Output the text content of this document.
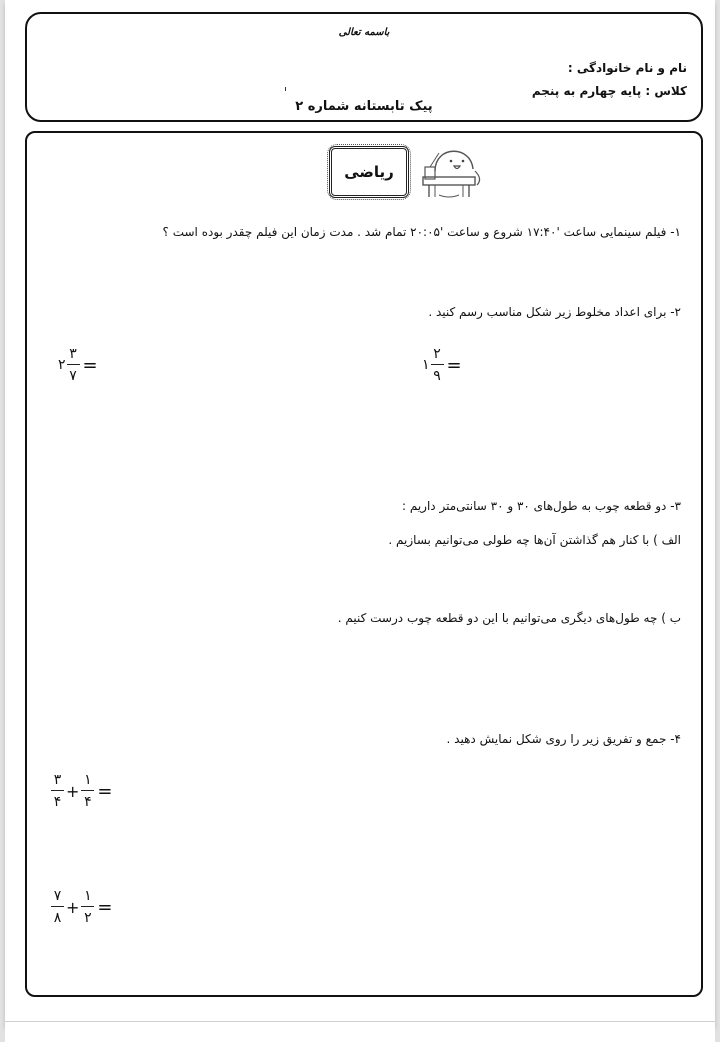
باسمه تعالی
نام و نام خانوادگی :
کلاس : پایه چهارم به پنجم
پیک تابستانه شماره ۲
ریاضی
۱- فیلم سینمایی ساعت '۱۷:۴۰ شروع و ساعت '۲۰:۰۵ تمام شد . مدت زمان این فیلم چقدر بوده است ؟
۲- برای اعداد مخلوط زیر شکل مناسب رسم کنید .
۲ $\frac{۳}{۷}$ =	۱ $\frac{۲}{۹}$ =
۳- دو قطعه چوب به طول‌های ۳۰ و ۳۰ سانتی‌متر داریم :
الف ) با کنار هم گذاشتن آن‌ها چه طولی می‌توانیم بسازیم .
ب ) چه طول‌های دیگری می‌توانیم با این دو قطعه چوب درست کنیم .
۴- جمع و تفریق زیر را روی شکل نمایش دهید .
$\frac{۳}{۴} + \frac{۱}{۴}$ =
$\frac{۷}{۸} + \frac{۱}{۲}$ =
